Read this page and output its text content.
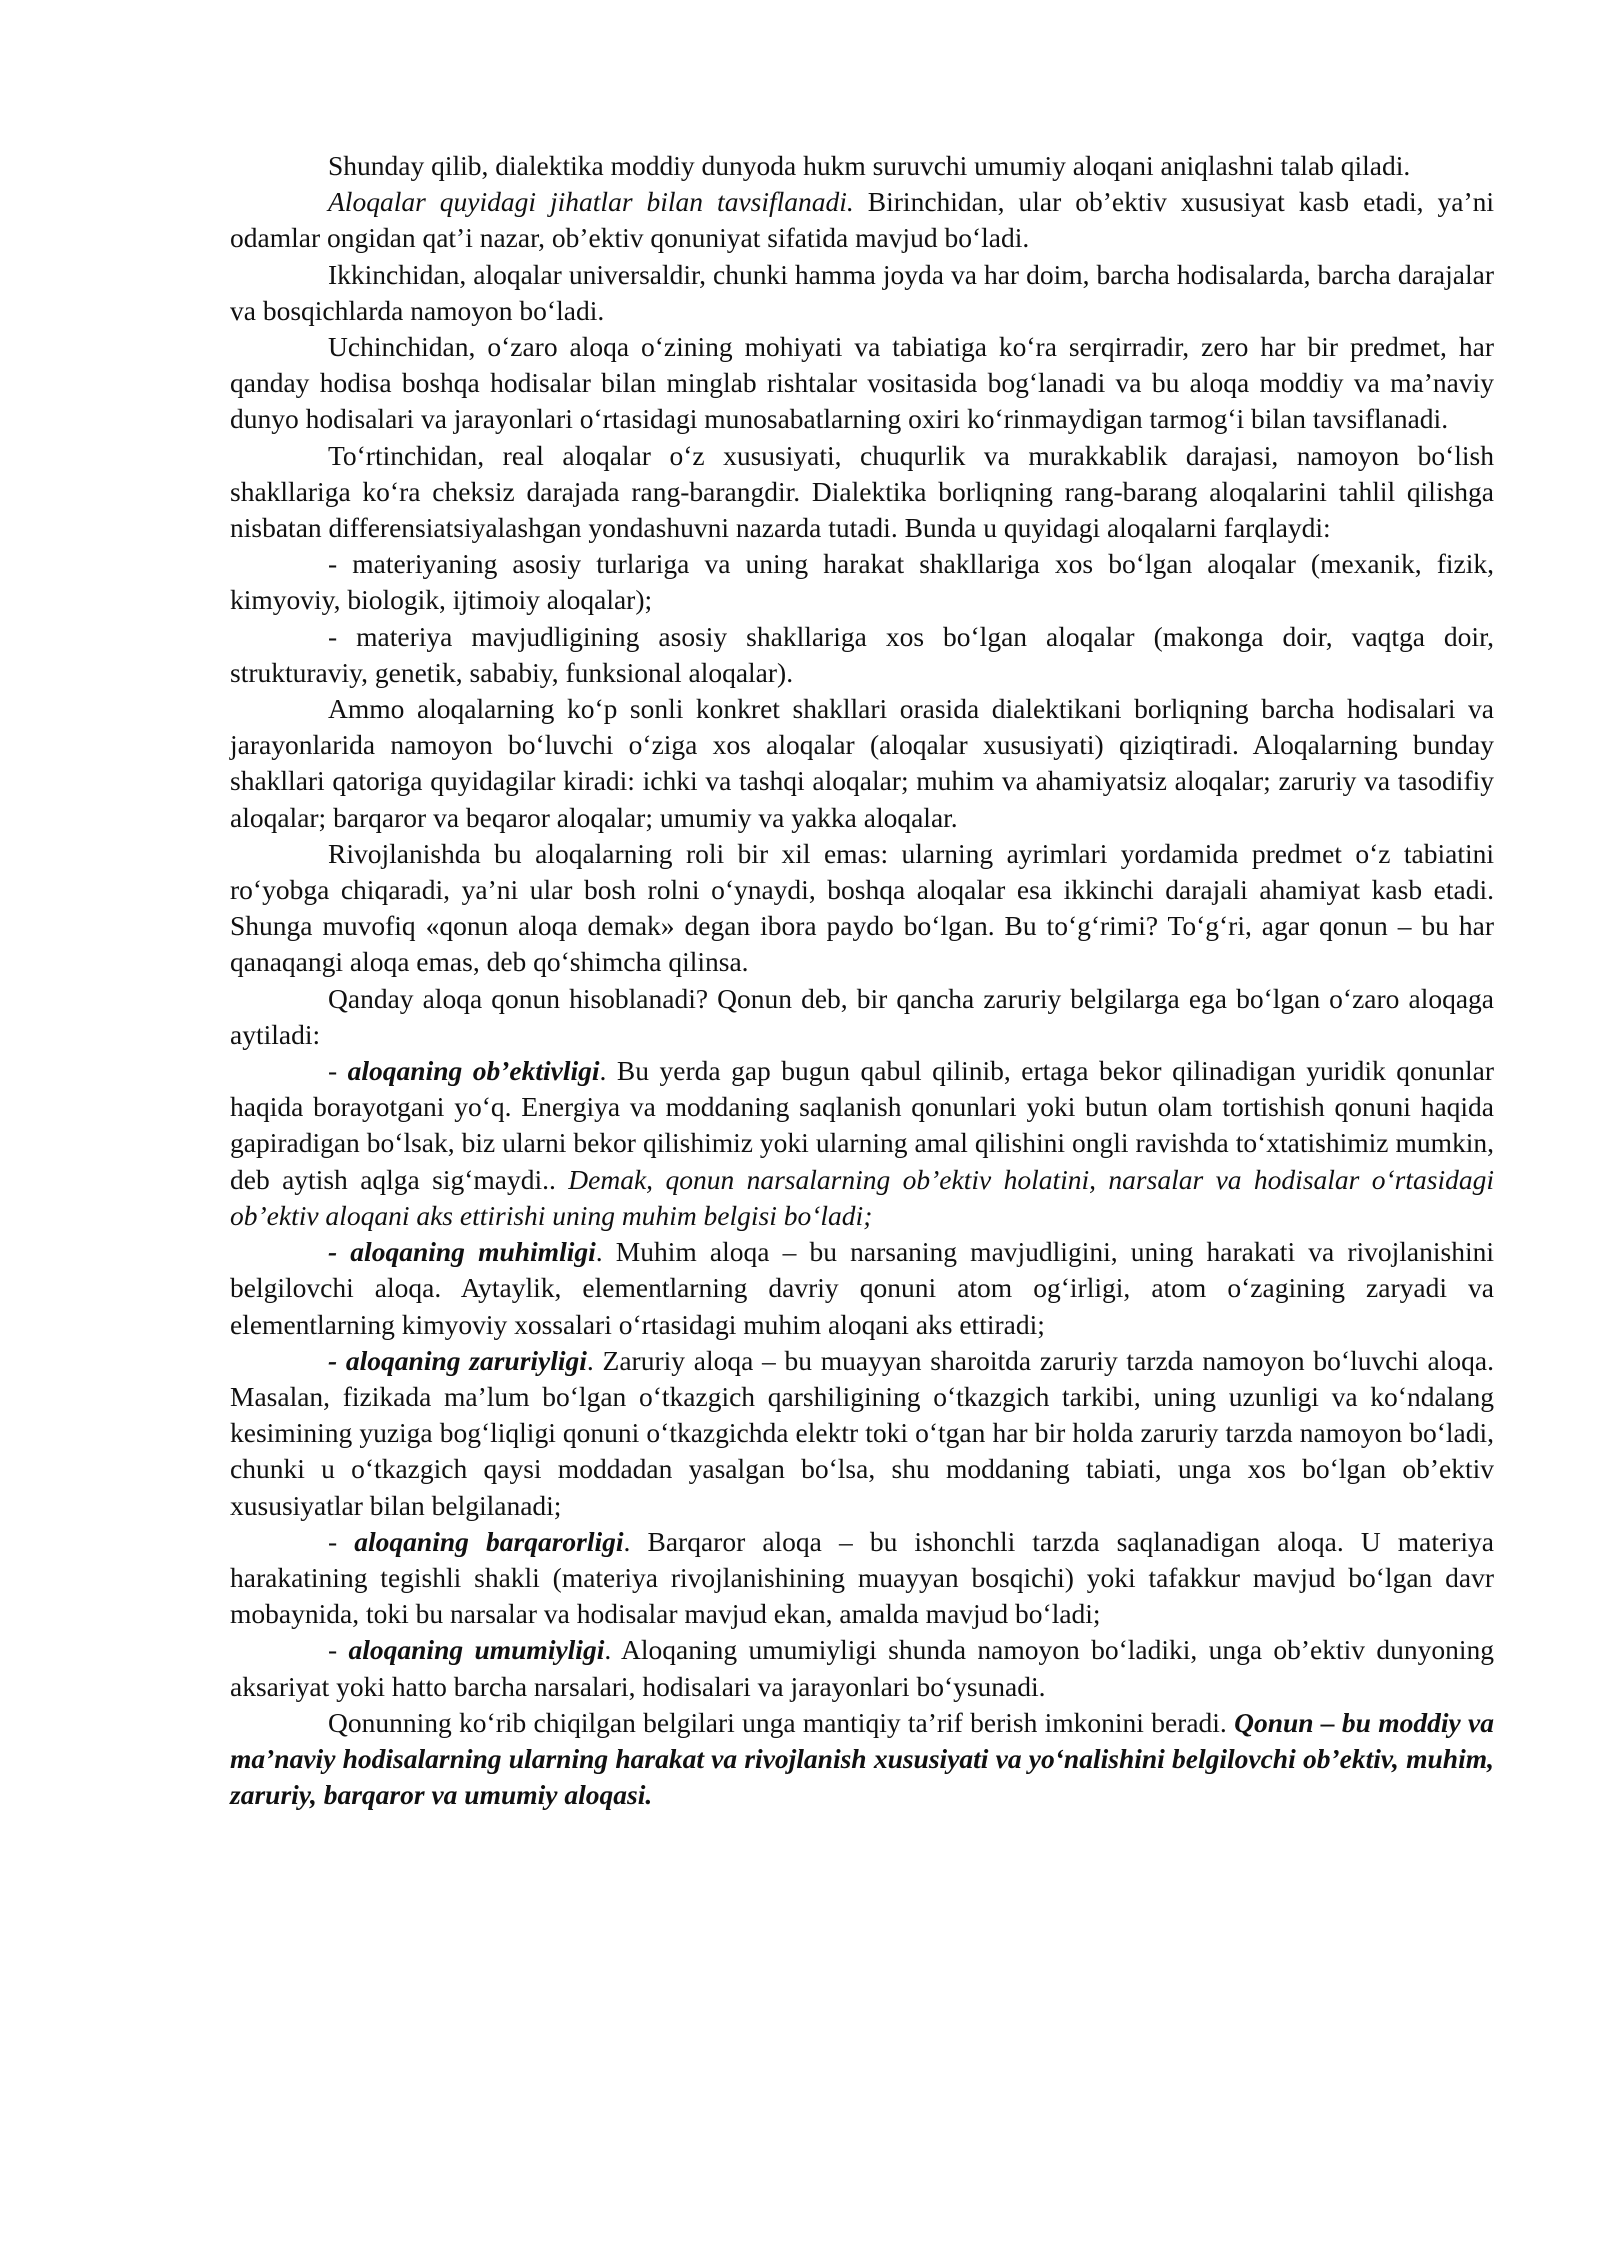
Shunday qilib, dialektika moddiy dunyoda hukm suruvchi umumiy aloqani aniqlashni talab qiladi.

Aloqalar quyidagi jihatlar bilan tavsiflanadi. Birinchidan, ular ob’ektiv xususiyat kasb etadi, ya’ni odamlar ongidan qat’i nazar, ob’ektiv qonuniyat sifatida mavjud bo‘ladi.

Ikkinchidan, aloqalar universaldir, chunki hamma joyda va har doim, barcha hodisalarda, barcha darajalar va bosqichlarda namoyon bo‘ladi.

Uchinchidan, o‘zaro aloqa o‘zining mohiyati va tabiatiga ko‘ra serqirradir, zero har bir predmet, har qanday hodisa boshqa hodisalar bilan minglab rishtalar vositasida bog‘lanadi va bu aloqa moddiy va ma’naviy dunyo hodisalari va jarayonlari o‘rtasidagi munosabatlarning oxiri ko‘rinmaydigan tarmog‘i bilan tavsiflanadi.

To‘rtinchidan, real aloqalar o‘z xususiyati, chuqurlik va murakkablik darajasi, namoyon bo‘lish shakllariga ko‘ra cheksiz darajada rang-barangdir. Dialektika borliqning rang-barang aloqalarini tahlil qilishga nisbatan differensiatsiyalashgan yondashuvni nazarda tutadi. Bunda u quyidagi aloqalarni farqlaydi:

- materiyaning asosiy turlariga va uning harakat shakllariga xos bo‘lgan aloqalar (mexanik, fizik, kimyoviy, biologik, ijtimoiy aloqalar);

- materiya mavjudligining asosiy shakllariga xos bo‘lgan aloqalar (makonga doir, vaqtga doir, strukturaviy, genetik, sababiy, funksional aloqalar).

Ammo aloqalarning ko‘p sonli konkret shakllari orasida dialektikani borliqning barcha hodisalari va jarayonlarida namoyon bo‘luvchi o‘ziga xos aloqalar (aloqalar xususiyati) qiziqtiradi. Aloqalarning bunday shakllari qatoriga quyidagilar kiradi: ichki va tashqi aloqalar; muhim va ahamiyatsiz aloqalar; zaruriy va tasodifiy aloqalar; barqaror va beqaror aloqalar; umumiy va yakka aloqalar.

Rivojlanishda bu aloqalarning roli bir xil emas: ularning ayrimlari yordamida predmet o‘z tabiatini ro‘yobga chiqaradi, ya’ni ular bosh rolni o‘ynaydi, boshqa aloqalar esa ikkinchi darajali ahamiyat kasb etadi. Shunga muvofiq «qonun aloqa demak» degan ibora paydo bo‘lgan. Bu to‘g‘rimi? To‘g‘ri, agar qonun – bu har qanaqangi aloqa emas, deb qo‘shimcha qilinsa.

Qanday aloqa qonun hisoblanadi? Qonun deb, bir qancha zaruriy belgilarga ega bo‘lgan o‘zaro aloqaga aytiladi:

- aloqaning ob’ektivligi. Bu yerda gap bugun qabul qilinib, ertaga bekor qilinadigan yuridik qonunlar haqida borayotgani yo‘q. Energiya va moddaning saqlanish qonunlari yoki butun olam tortishish qonuni haqida gapiradigan bo‘lsak, biz ularni bekor qilishimiz yoki ularning amal qilishini ongli ravishda to‘xtatishimiz mumkin, deb aytish aqlga sig‘maydi.. Demak, qonun narsalarning ob’ektiv holatini, narsalar va hodisalar o‘rtasidagi ob’ektiv aloqani aks ettirishi uning muhim belgisi bo‘ladi;

- aloqaning muhimligi. Muhim aloqa – bu narsaning mavjudligini, uning harakati va rivojlanishini belgilovchi aloqa. Aytaylik, elementlarning davriy qonuni atom og‘irligi, atom o‘zagining zaryadi va elementlarning kimyoviy xossalari o‘rtasidagi muhim aloqani aks ettiradi;

- aloqaning zaruriyligi. Zaruriy aloqa – bu muayyan sharoitda zaruriy tarzda namoyon bo‘luvchi aloqa. Masalan, fizikada ma’lum bo‘lgan o‘tkazgich qarshiligining o‘tkazgich tarkibi, uning uzunligi va ko‘ndalang kesimining yuziga bog‘liqligi qonuni o‘tkazgichda elektr toki o‘tgan har bir holda zaruriy tarzda namoyon bo‘ladi, chunki u o‘tkazgich qaysi moddadan yasalgan bo‘lsa, shu moddaning tabiati, unga xos bo‘lgan ob’ektiv xususiyatlar bilan belgilanadi;

- aloqaning barqarorligi. Barqaror aloqa – bu ishonchli tarzda saqlanadigan aloqa. U materiya harakatining tegishli shakli (materiya rivojlanishining muayyan bosqichi) yoki tafakkur mavjud bo‘lgan davr mobaynida, toki bu narsalar va hodisalar mavjud ekan, amalda mavjud bo‘ladi;

- aloqaning umumiyligi. Aloqaning umumiyligi shunda namoyon bo‘ladiki, unga ob’ektiv dunyoning aksariyat yoki hatto barcha narsalari, hodisalari va jarayonlari bo‘ysunadi.

Qonunning ko‘rib chiqilgan belgilari unga mantiqiy ta’rif berish imkonini beradi. Qonun – bu moddiy va ma’naviy hodisalarning ularning harakat va rivojlanish xususiyati va yo‘nalishini belgilovchi ob’ektiv, muhim, zaruriy, barqaror va umumiy aloqasi.
